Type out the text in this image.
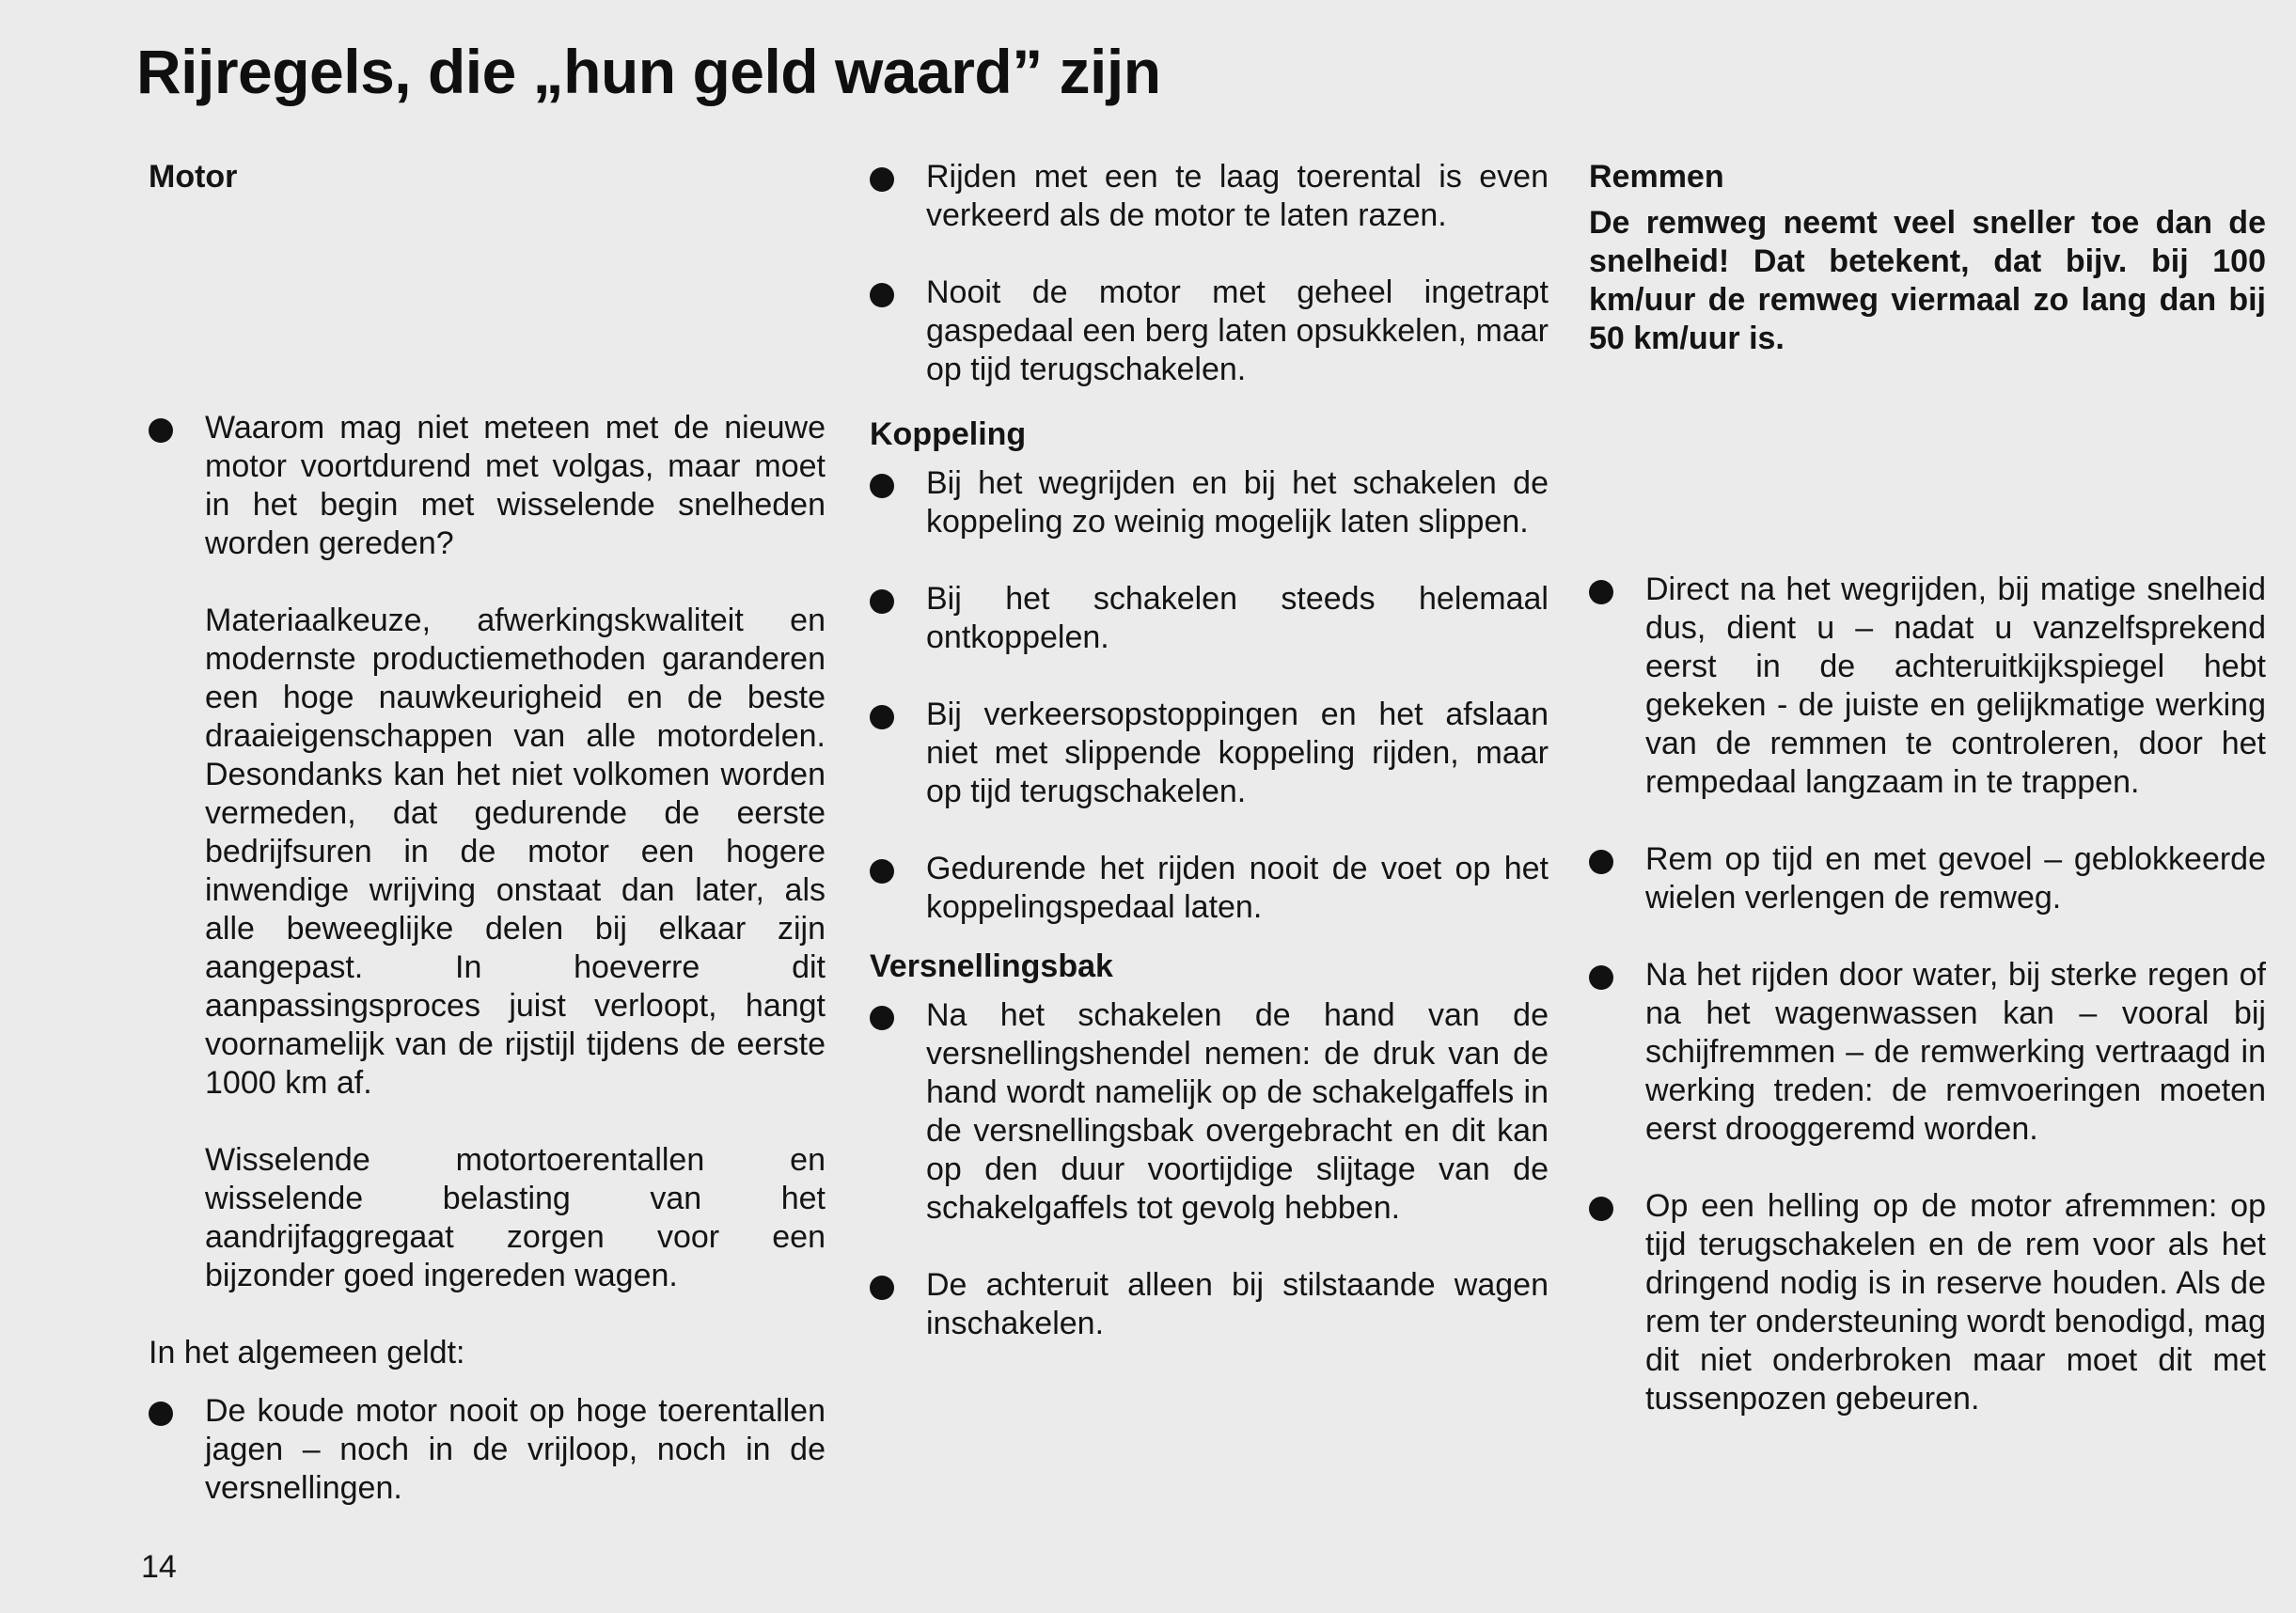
Rijregels, die „hun geld waard” zijn

Motor

Waarom mag niet meteen met de nieuwe motor voortdurend met volgas, maar moet in het begin met wisselende snelheden worden gereden?

Materiaalkeuze, afwerkingskwaliteit en modernste productiemethoden garanderen een hoge nauwkeurigheid en de beste draaieigenschappen van alle motordelen. Desondanks kan het niet volkomen worden vermeden, dat gedurende de eerste bedrijfsuren in de motor een hogere inwendige wrijving onstaat dan later, als alle beweeglijke delen bij elkaar zijn aangepast. In hoeverre dit aanpassingsproces juist verloopt, hangt voornamelijk van de rijstijl tijdens de eerste 1000 km af.

Wisselende motortoerentallen en wisselende belasting van het aandrijfaggregaat zorgen voor een bijzonder goed ingereden wagen.

In het algemeen geldt:

De koude motor nooit op hoge toerentallen jagen – noch in de vrijloop, noch in de versnellingen.

Rijden met een te laag toerental is even verkeerd als de motor te laten razen.

Nooit de motor met geheel ingetrapt gaspedaal een berg laten opsukkelen, maar op tijd terugschakelen.

Koppeling

Bij het wegrijden en bij het schakelen de koppeling zo weinig mogelijk laten slippen.

Bij het schakelen steeds helemaal ontkoppelen.

Bij verkeersopstoppingen en het afslaan niet met slippende koppeling rijden, maar op tijd terugschakelen.

Gedurende het rijden nooit de voet op het koppelingspedaal laten.

Versnellingsbak

Na het schakelen de hand van de versnellingshendel nemen: de druk van de hand wordt namelijk op de schakelgaffels in de versnellingsbak overgebracht en dit kan op den duur voortijdige slijtage van de schakelgaffels tot gevolg hebben.

De achteruit alleen bij stilstaande wagen inschakelen.

Remmen

De remweg neemt veel sneller toe dan de snelheid! Dat betekent, dat bijv. bij 100 km/uur de remweg viermaal zo lang dan bij 50 km/uur is.

Direct na het wegrijden, bij matige snelheid dus, dient u – nadat u vanzelfsprekend eerst in de achteruitkijkspiegel hebt gekeken - de juiste en gelijkmatige werking van de remmen te controleren, door het rempedaal langzaam in te trappen.

Rem op tijd en met gevoel – geblokkeerde wielen verlengen de remweg.

Na het rijden door water, bij sterke regen of na het wagenwassen kan – vooral bij schijfremmen – de remwerking vertraagd in werking treden: de remvoeringen moeten eerst drooggeremd worden.

Op een helling op de motor afremmen: op tijd terugschakelen en de rem voor als het dringend nodig is in reserve houden. Als de rem ter ondersteuning wordt benodigd, mag dit niet onderbroken maar moet dit met tussenpozen gebeuren.

14
